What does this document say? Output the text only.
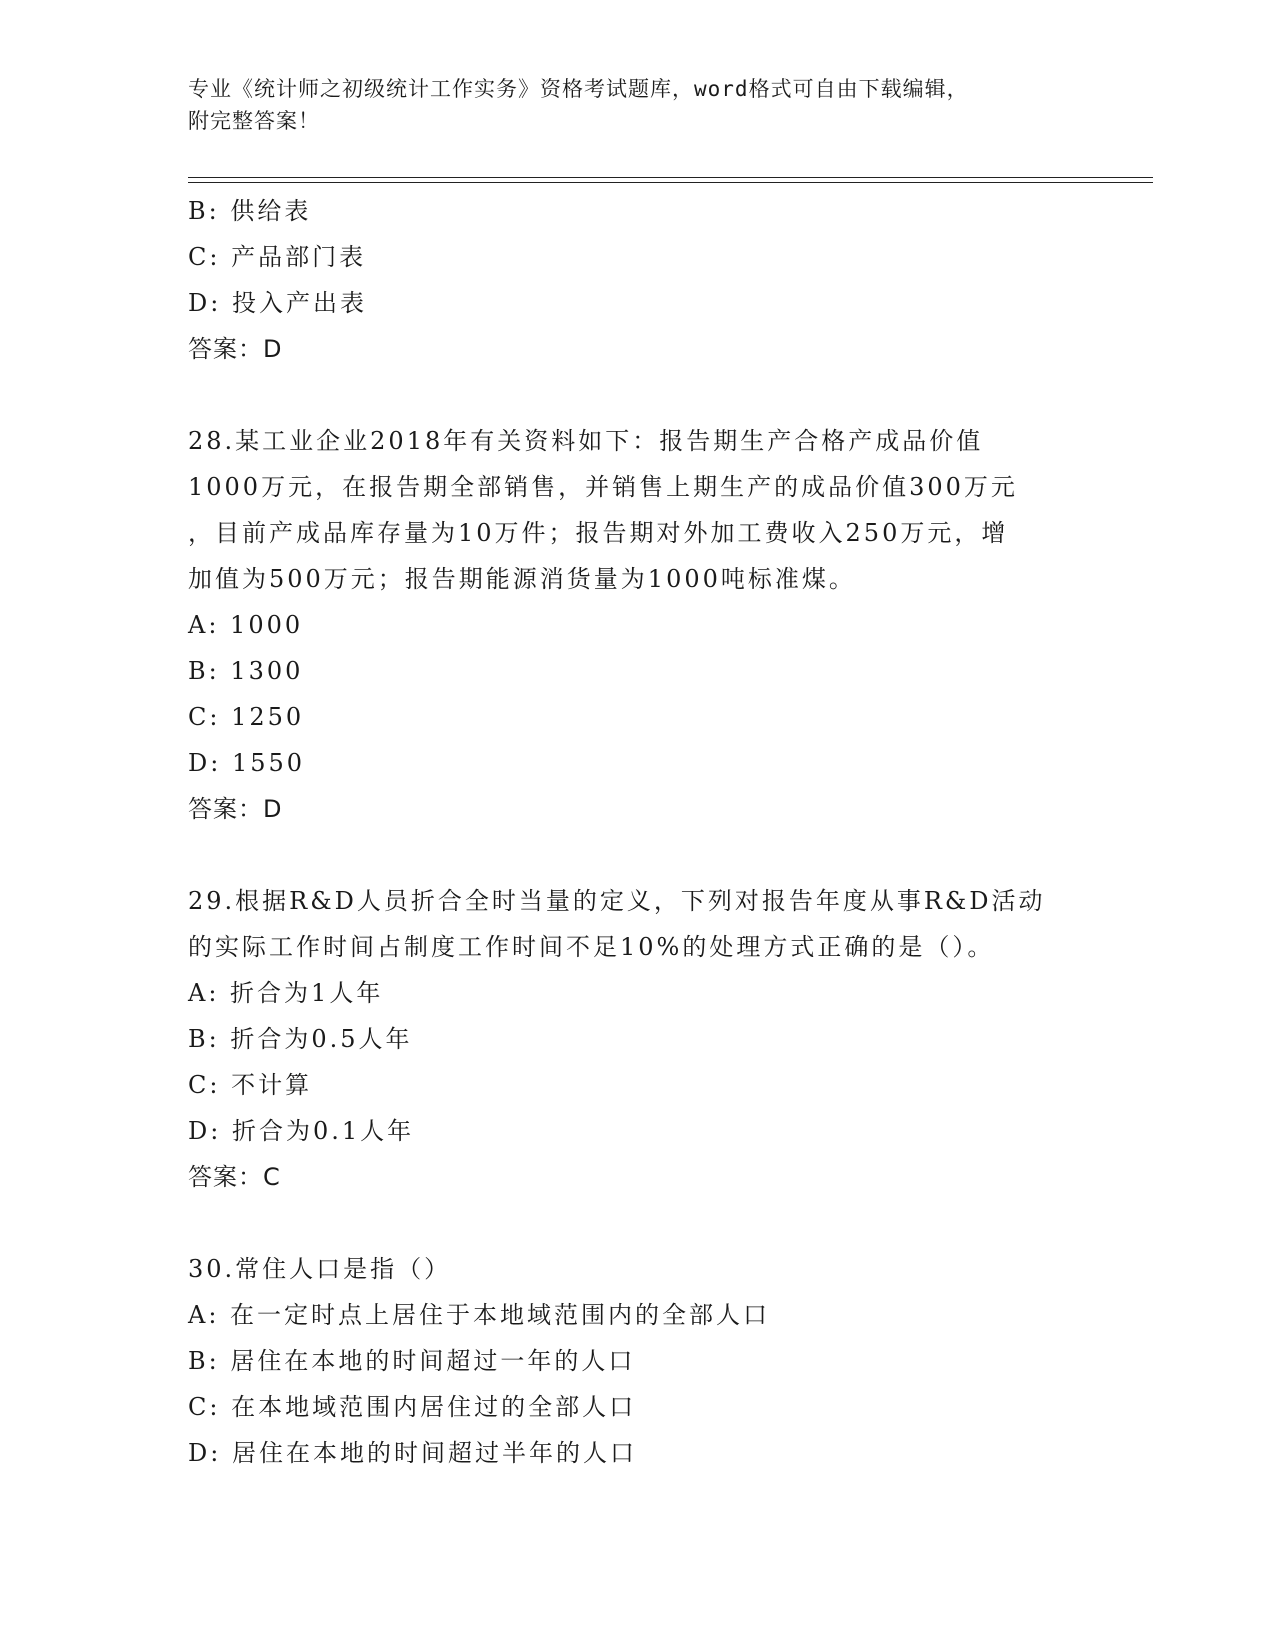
专业《统计师之初级统计工作实务》资格考试题库，word格式可自由下载编辑，
附完整答案！
B: 供给表
C: 产品部门表
D: 投入产出表
答案：D
28.某工业企业2018年有关资料如下：报告期生产合格产成品价值
1000万元，在报告期全部销售，并销售上期生产的成品价值300万元
，目前产成品库存量为10万件；报告期对外加工费收入250万元，增
加值为500万元；报告期能源消货量为1000吨标准煤。
A: 1000
B: 1300
C: 1250
D: 1550
答案：D
29.根据R&D人员折合全时当量的定义，下列对报告年度从事R&D活动
的实际工作时间占制度工作时间不足10%的处理方式正确的是（）。
A: 折合为1人年
B: 折合为0.5人年
C: 不计算
D: 折合为0.1人年
答案：C
30.常住人口是指（）
A: 在一定时点上居住于本地域范围内的全部人口
B: 居住在本地的时间超过一年的人口
C: 在本地域范围内居住过的全部人口
D: 居住在本地的时间超过半年的人口
